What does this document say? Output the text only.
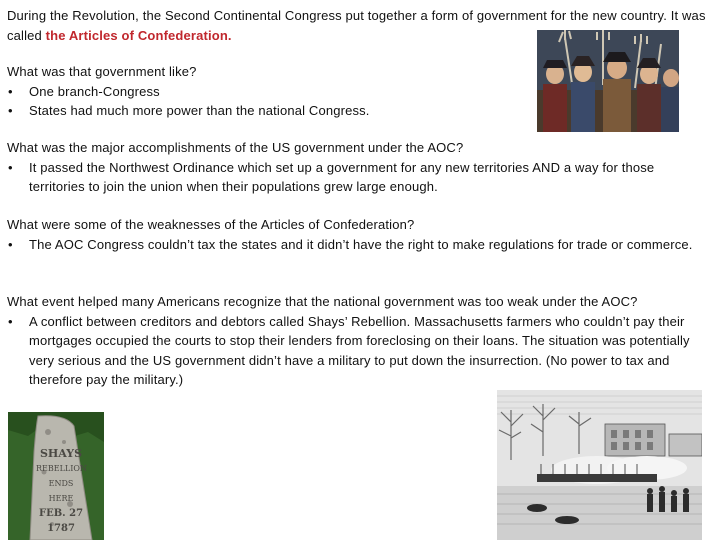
During the Revolution, the Second Continental Congress put together a form of government for the new country. It was called the Articles of Confederation.

What was that government like?

• One branch-Congress
• States had much more power than the national Congress.

What was the major accomplishments of the US government under the AOC?

• It passed the Northwest Ordinance which set up a government for any new territories AND a way for those territories to join the union when their populations grew large enough.

What were some of the weaknesses of the Articles of Confederation?

• The AOC Congress couldn’t tax the states and it didn’t have the right to make regulations for trade or commerce.

What event helped many Americans recognize that the national government was too weak under the AOC?

• A conflict between creditors and debtors called Shays’ Rebellion. Massachusetts farmers who couldn’t pay their mortgages occupied the courts to stop their lenders from foreclosing on their loans. The situation was potentially very serious and the US government didn’t have a military to put down the insurrection. (No power to tax and therefore pay the military.)
SHAYS
REBELLION
ENDS HERE
FEB. 27
1787
